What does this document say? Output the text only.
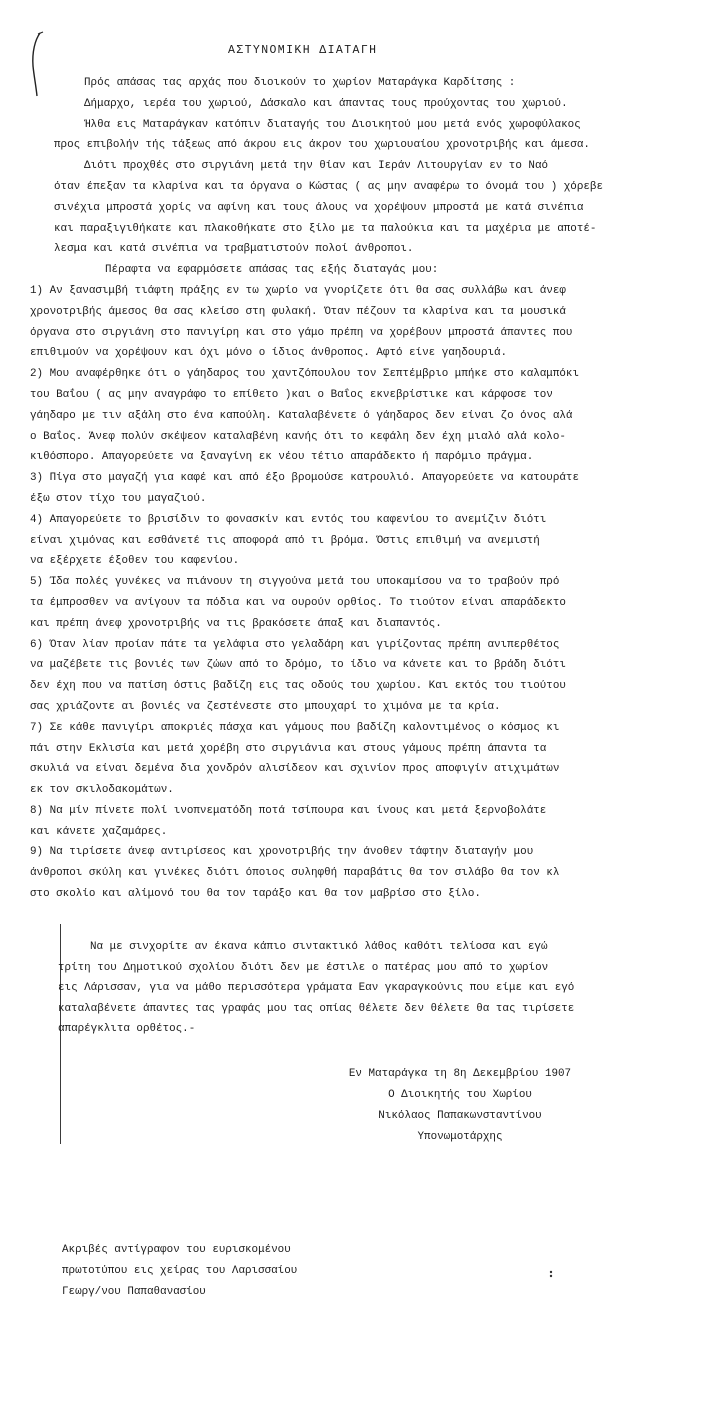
ΑΣΤΥΝΟΜΙΚΗ ΔΙΑΤΑΓΗ
Πρός απάσας τας αρχάς που διοικούν το χωρίον Ματαράγκα Καρδίτσης :
Δήμαρχο, ιερέα του χωριού, Δάσκαλο και άπαντας τους προύχοντας του χωριού.
Ήλθα εις Ματαράγκαν κατόπιν διαταγής του Διοικητού μου μετά ενός χωροφύλακος
προς επιβολήν τής τάξεως από άκρου εις άκρον του χωριουαίου χρονοτριβής και άμεσα.
Διότι προχθές στο σιργιάνη μετά την θίαν και Ιεράν Λιτουργίαν εν το Ναό
όταν έπεξαν τα κλαρίνα και τα όργανα ο Κώστας ( ας μην αναφέρω το όνομά του ) χόρεβε
σινέχια μπροστά χορίς να αφίνη και τους άλους να χορέψουν μπροστά με κατά σινέπια
και παραξιγιθήκατε και πλακοθήκατε στο ξίλο με τα παλούκια και τα μαχέρια με αποτέ-
λεσμα και κατά σινέπια να τραβματιστούν πολοί άνθροποι.
Πέραφτα να εφαρμόσετε απάσας τας εξής διαταγάς μου:
1) Αν ξανασιμβή τιάφτη πράξης εν τω χωρίο να γνορίζετε ότι θα σας συλλάβω και άνεφ
χρονοτριβής άμεσος θα σας κλείσο στη φυλακή. Όταν πέζουν τα κλαρίνα και τα μουσικά
όργανα στο σιργιάνη στο πανιγίρη και στο γάμο πρέπη να χορέβουν μπροστά άπαντες που
επιθιμούν να χορέψουν και όχι μόνο ο ίδιος άνθροπος. Αφτό είνε γαηδουριά.
2) Μου αναφέρθηκε ότι ο γάηδαρος του χαντζόπουλου τον Σεπτέμβριο μπήκε στο καλαμπόκι
του Βαΐου ( ας μην αναγράφο το επίθετο )και ο Βαΐος εκνεβρίστικε και κάρφοσε τον
γάηδαρο με τιν αξάλη στο ένα καπούλη. Καταλαβένετε ό γάηδαρος δεν είναι ζο όνος αλά
ο Βαΐος. Άνεφ πολύν σκέψεον καταλαβένη κανής ότι το κεφάλη δεν έχη μιαλό αλά κολο-
κιθόσπορο. Απαγορεύετε να ξαναγίνη εκ νέου τέτιο απαράδεκτο ή παρόμιο πράγμα.
3) Πίγα στο μαγαζή για καφέ και από έξο βρομούσε κατρουλιό. Απαγορεύετε να κατουράτε
έξω στον τίχο του μαγαζιού.
4) Απαγορεύετε το βρισίδιν το φονασκίν και εντός του καφενίου το ανεμίζιν διότι
είναι χιμόνας και εσθάνετέ τις αποφορά από τι βρόμα. Όστις επιθιμή να ανεμιστή
να εξέρχετε έξοθεν του καφενίου.
5) Ίδα πολές γυνέκες να πιάνουν τη σιγγούνα μετά του υποκαμίσου να το τραβούν πρό
τα έμπροσθεν να ανίγουν τα πόδια και να ουρούν ορθίος. Το τιούτον είναι απαράδεκτο
και πρέπη άνεφ χρονοτριβής να τις βρακόσετε άπαξ και διαπαντός.
6) Όταν λίαν προίαν πάτε τα γελάφια στο γελαδάρη και γιρίζοντας πρέπη ανιπερθέτος
να μαζέβετε τις βονιές των ζώων από το δρόμο, το ίδιο να κάνετε και το βράδη διότι
δεν έχη που να πατίση όστις βαδίζη εις τας οδούς του χωρίου. Και εκτός του τιούτου
σας χριάζοντε αι βονιές να ζεστένεστε στο μπουχαρί το χιμόνα με τα κρία.
7) Σε κάθε πανιγίρι αποκριές πάσχα και γάμους που βαδίζη καλοντιμένος ο κόσμος κι
πάι στην Εκλισία και μετά χορέβη στο σιργιάνια και στους γάμους πρέπη άπαντα τα
σκυλιά να είναι δεμένα δια χονδρόν αλισίδεον και σχινίον προς αποφιγίν ατιχιμάτων
εκ τον σκιλοδακομάτων.
8) Να μίν πίνετε πολί ινοπνεματόδη ποτά τσίπουρα και ίνους και μετά ξερνοβολάτε
και κάνετε χαζαμάρες.
9) Να τιρίσετε άνεφ αντιρίσεος και χρονοτριβής την άνοθεν τάφτην διαταγήν μου
άνθροποι σκύλη και γινέκες διότι όποιος συληφθή παραβάτις θα τον σιλάβο θα τον κλ
στο σκολίο και αλίμονό του θα τον ταράξο και θα τον μαβρίσο στο ξίλο.
Να με σινχορίτε αν έκανα κάπιο σιντακτικό λάθος καθότι τελίοσα και εγώ
τρίτη του Δημοτικού σχολίου διότι δεν με έστιλε ο πατέρας μου από το χωρίον
εις Λάρισσαν, για να μάθο περισσότερα γράματα Εαν γκαραγκούνις που είμε και εγό
καταλαβένετε άπαντες τας γραφάς μου τας οπίας θέλετε δεν θέλετε θα τας τιρίσετε
απαρέγκλιτα ορθέτος.-
Εν Ματαράγκα τη 8η Δεκεμβρίου 1907
Ο Διοικητής του Χωρίου
Νικόλαος Παπακωνσταντίνου
Υπονωμοτάρχης
Ακριβές αντίγραφον του ευρισκομένου
πρωτοτύπου εις χείρας του Λαρισσαίου
Γεωργ/νου Παπαθανασίου
